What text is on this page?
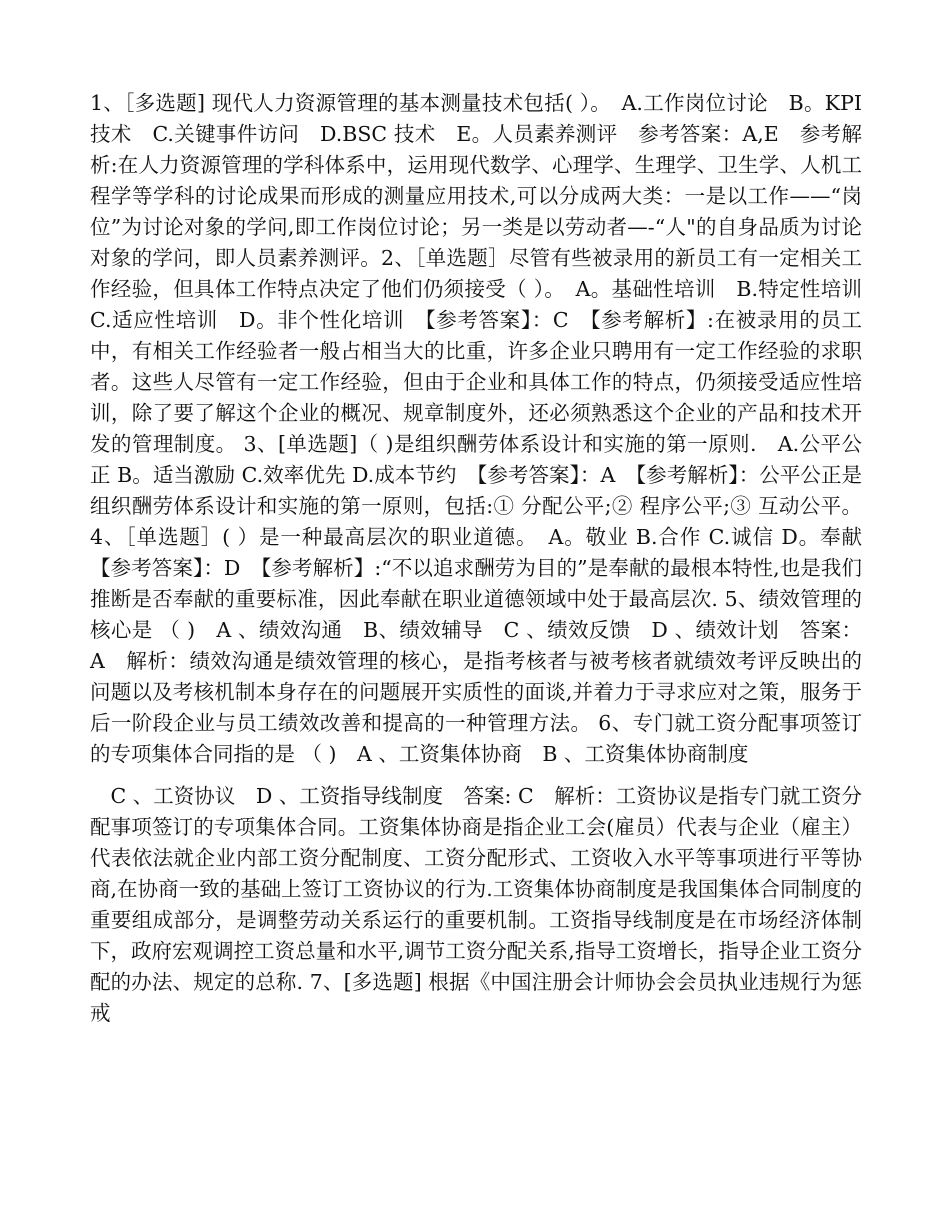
1、［多选题] 现代人力资源管理的基本测量技术包括( ）。　A.工作岗位讨论　B。KPI 技术　C.关键事件访问　D.BSC 技术　E。人员素养测评　参考答案：A,E　参考解析:在人力资源管理的学科体系中，运用现代数学、心理学、生理学、卫生学、人机工程学等学科的讨论成果而形成的测量应用技术,可以分成两大类：一是以工作——“岗位”为讨论对象的学问,即工作岗位讨论；另一类是以劳动者—-“人"的自身品质为讨论对象的学问，即人员素养测评。2、［单选题］尽管有些被录用的新员工有一定相关工作经验，但具体工作特点决定了他们仍须接受（ ）。　A。基础性培训　B.特定性培训　C.适应性培训　D。非个性化培训　【参考答案】：C　【参考解析】:在被录用的员工中，有相关工作经验者一般占相当大的比重，许多企业只聘用有一定工作经验的求职者。这些人尽管有一定工作经验，但由于企业和具体工作的特点，仍须接受适应性培训，除了要了解这个企业的概况、规章制度外，还必须熟悉这个企业的产品和技术开发的管理制度。 3、[单选题]（ )是组织酬劳体系设计和实施的第一原则.　A.公平公正 B。适当激励 C.效率优先 D.成本节约　【参考答案】：A　【参考解析】：公平公正是组织酬劳体系设计和实施的第一原则，包括:① 分配公平;② 程序公平;③ 互动公平。 4、［单选题］( ）是一种最高层次的职业道德。　A。敬业 B.合作 C.诚信 D。奉献　【参考答案】：D　【参考解析】:“不以追求酬劳为目的”是奉献的最根本特性,也是我们推断是否奉献的重要标准，因此奉献在职业道德领域中处于最高层次. 5、绩效管理的核心是 （ )　A 、绩效沟通　B、绩效辅导　C 、绩效反馈　D 、绩效计划　答案： A　解析：绩效沟通是绩效管理的核心，是指考核者与被考核者就绩效考评反映出的问题以及考核机制本身存在的问题展开实质性的面谈,并着力于寻求应对之策，服务于后一阶段企业与员工绩效改善和提高的一种管理方法。 6、专门就工资分配事项签订的专项集体合同指的是 （ )　A 、工资集体协商　B 、工资集体协商制度

　C 、工资协议　D 、工资指导线制度　答案: C　解析：工资协议是指专门就工资分配事项签订的专项集体合同。工资集体协商是指企业工会(雇员）代表与企业（雇主）代表依法就企业内部工资分配制度、工资分配形式、工资收入水平等事项进行平等协商,在协商一致的基础上签订工资协议的行为.工资集体协商制度是我国集体合同制度的重要组成部分，是调整劳动关系运行的重要机制。工资指导线制度是在市场经济体制下，政府宏观调控工资总量和水平,调节工资分配关系,指导工资增长，指导企业工资分配的办法、规定的总称. 7、[多选题] 根据《中国注册会计师协会会员执业违规行为惩戒
